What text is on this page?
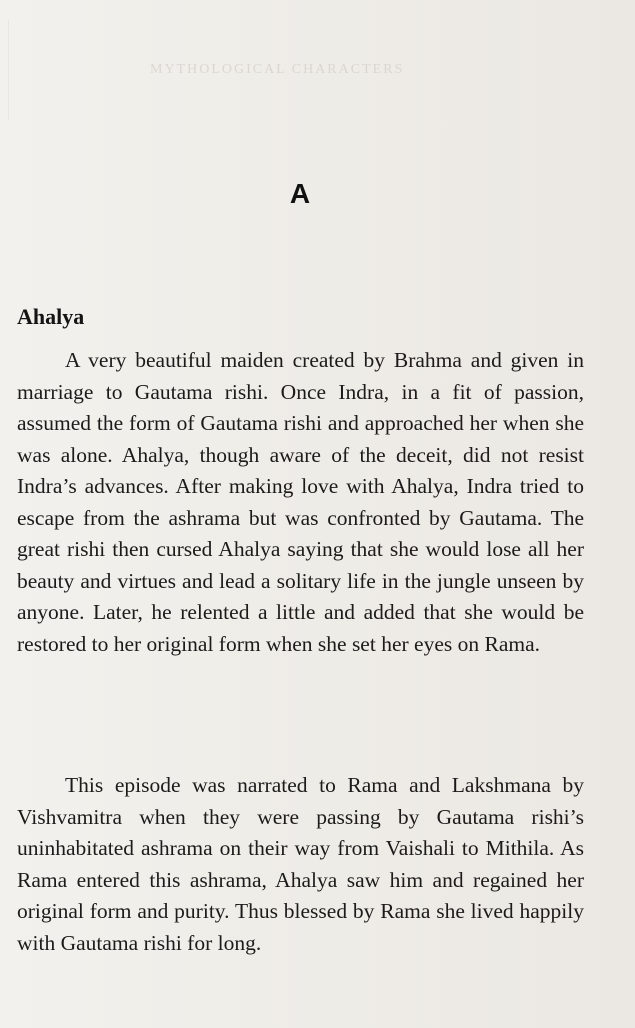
MYTHOLOGICAL CHARACTERS
A
Ahalya

A very beautiful maiden created by Brahma and given in marriage to Gautama rishi. Once Indra, in a fit of passion, assumed the form of Gautama rishi and approached her when she was alone. Ahalya, though aware of the deceit, did not resist Indra’s advances. After making love with Ahalya, Indra tried to escape from the ashrama but was confronted by Gautama. The great rishi then cursed Ahalya saying that she would lose all her beauty and virtues and lead a solitary life in the jungle unseen by anyone. Later, he relented a little and added that she would be restored to her original form when she set her eyes on Rama.

This episode was narrated to Rama and Lakshmana by Vishvamitra when they were passing by Gautama rishi’s uninhabitated ashrama on their way from Vaishali to Mithila. As Rama entered this ashrama, Ahalya saw him and regained her original form and purity. Thus blessed by Rama she lived happily with Gautama rishi for long.
